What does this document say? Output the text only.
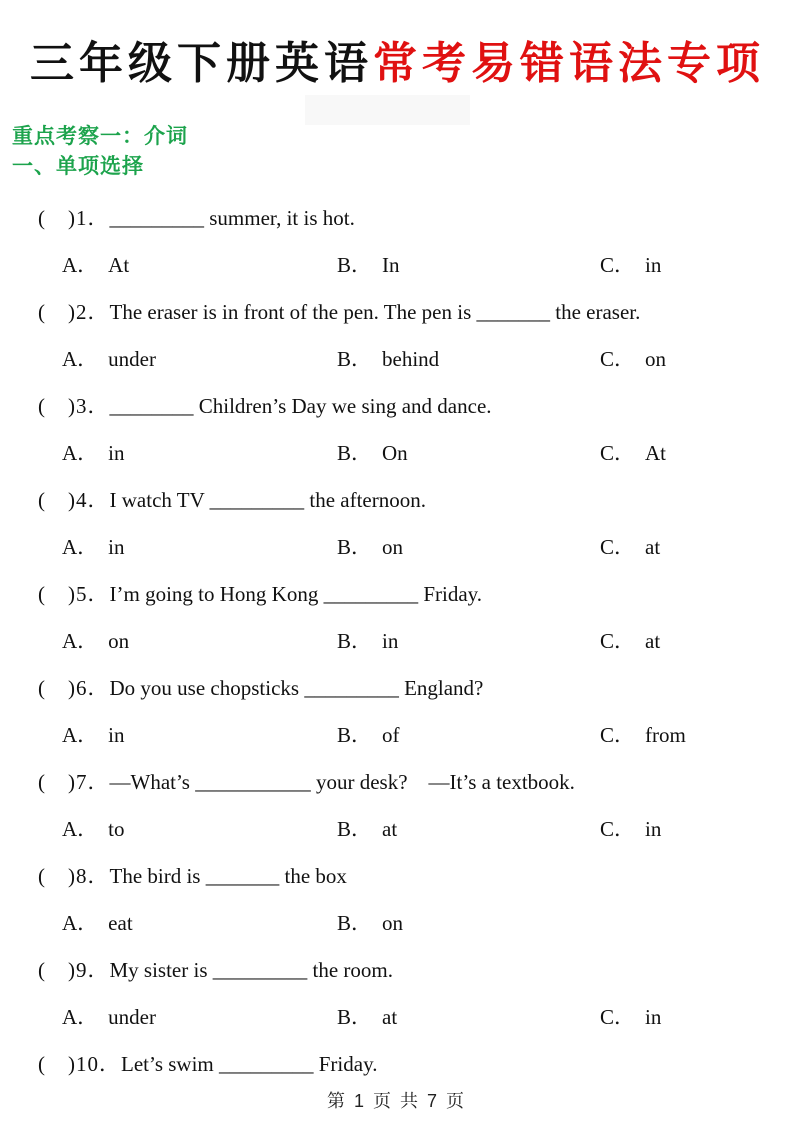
三年级下册英语常考易错语法专项
重点考察一：介词
一、单项选择
(　)1．_________ summer, it is hot.
A． At	B． In	C． in
(　)2．The eraser is in front of the pen. The pen is _______ the eraser.
A． under	B． behind	C． on
(　)3．________ Children’s Day we sing and dance.
A． in	B． On	C． At
(　)4．I watch TV _________ the afternoon.
A． in	B． on	C． at
(　)5．I’m going to Hong Kong _________ Friday.
A． on	B． in	C． at
(　)6．Do you use chopsticks _________ England?
A． in	B． of	C． from
(　)7．—What’s ___________ your desk?    —It’s a textbook.
A． to	B． at	C． in
(　)8．The bird is _______ the box
A． eat	B． on
(　)9．My sister is _________ the room.
A． under	B． at	C． in
(　)10．Let’s swim _________ Friday.
第 1 页 共 7 页
